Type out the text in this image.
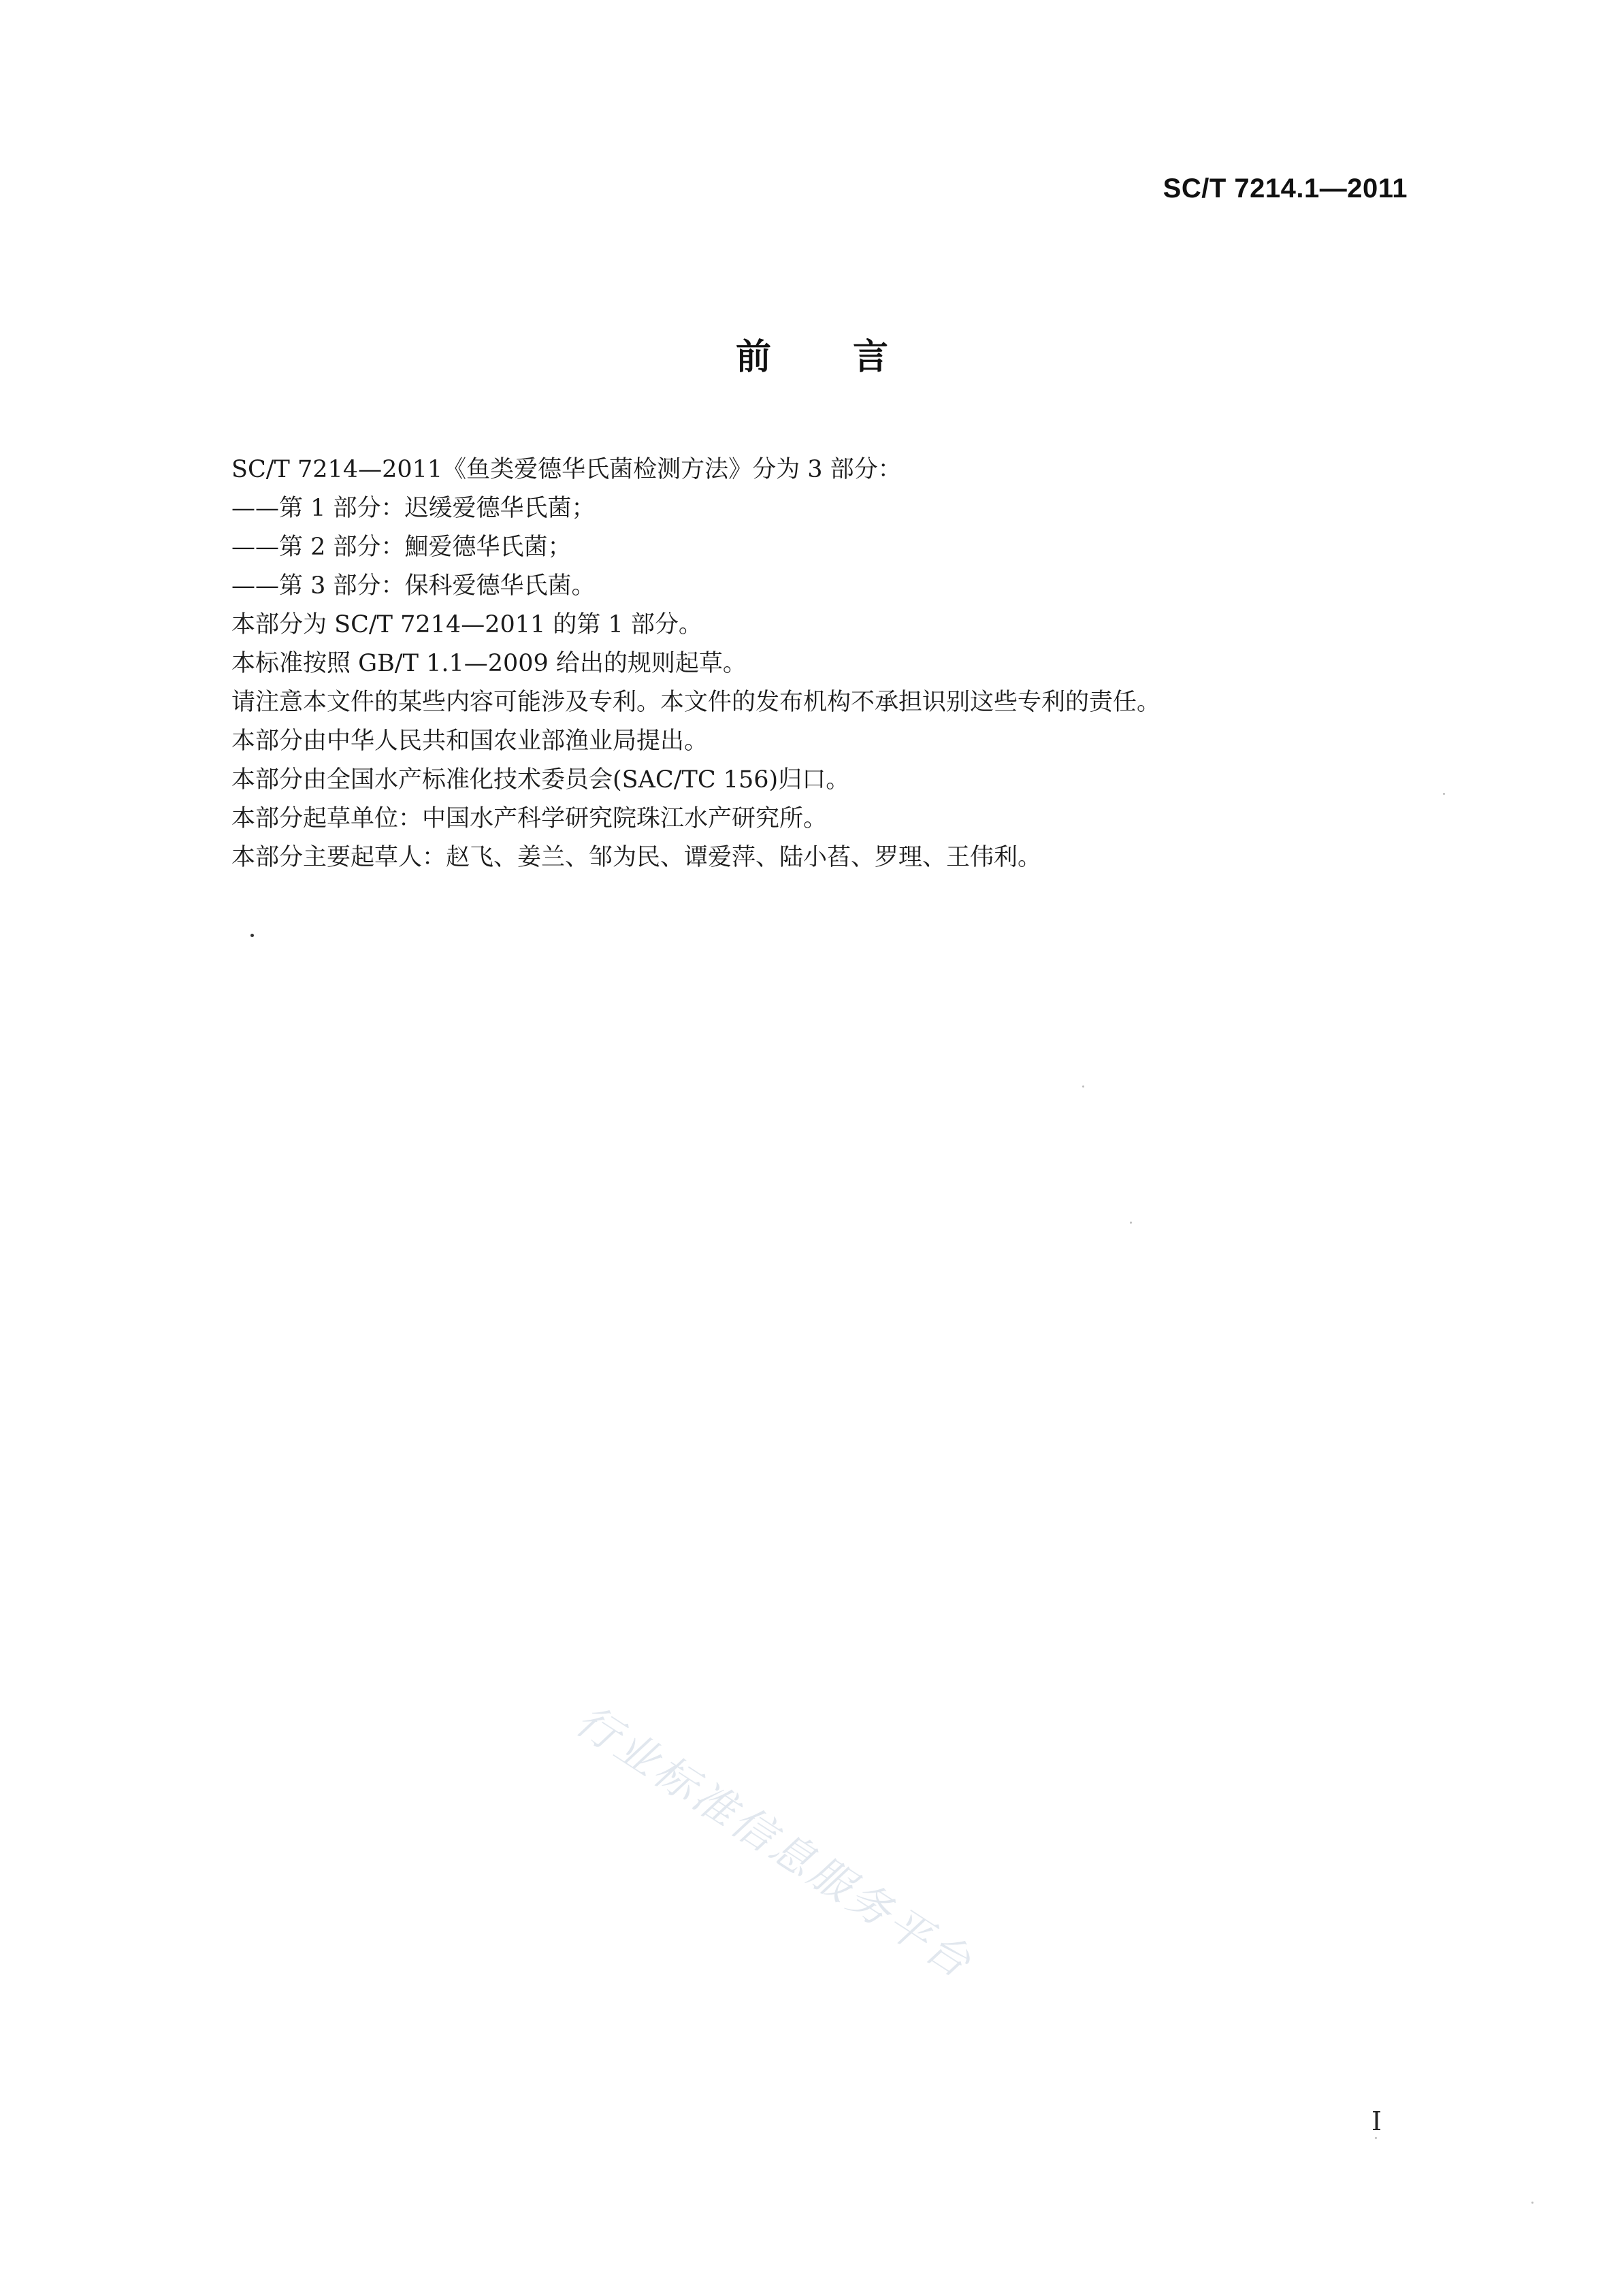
SC/T 7214.1—2011
前言
SC/T 7214—2011《鱼类爱德华氏菌检测方法》分为 3 部分：
——第 1 部分：迟缓爱德华氏菌；
——第 2 部分：鮰爱德华氏菌；
——第 3 部分：保科爱德华氏菌。
本部分为 SC/T 7214—2011 的第 1 部分。
本标准按照 GB/T 1.1—2009 给出的规则起草。
请注意本文件的某些内容可能涉及专利。本文件的发布机构不承担识别这些专利的责任。
本部分由中华人民共和国农业部渔业局提出。
本部分由全国水产标准化技术委员会(SAC/TC 156)归口。
本部分起草单位：中国水产科学研究院珠江水产研究所。
本部分主要起草人：赵飞、姜兰、邹为民、谭爱萍、陆小萏、罗理、王伟利。
行业标准信息服务平台
I
